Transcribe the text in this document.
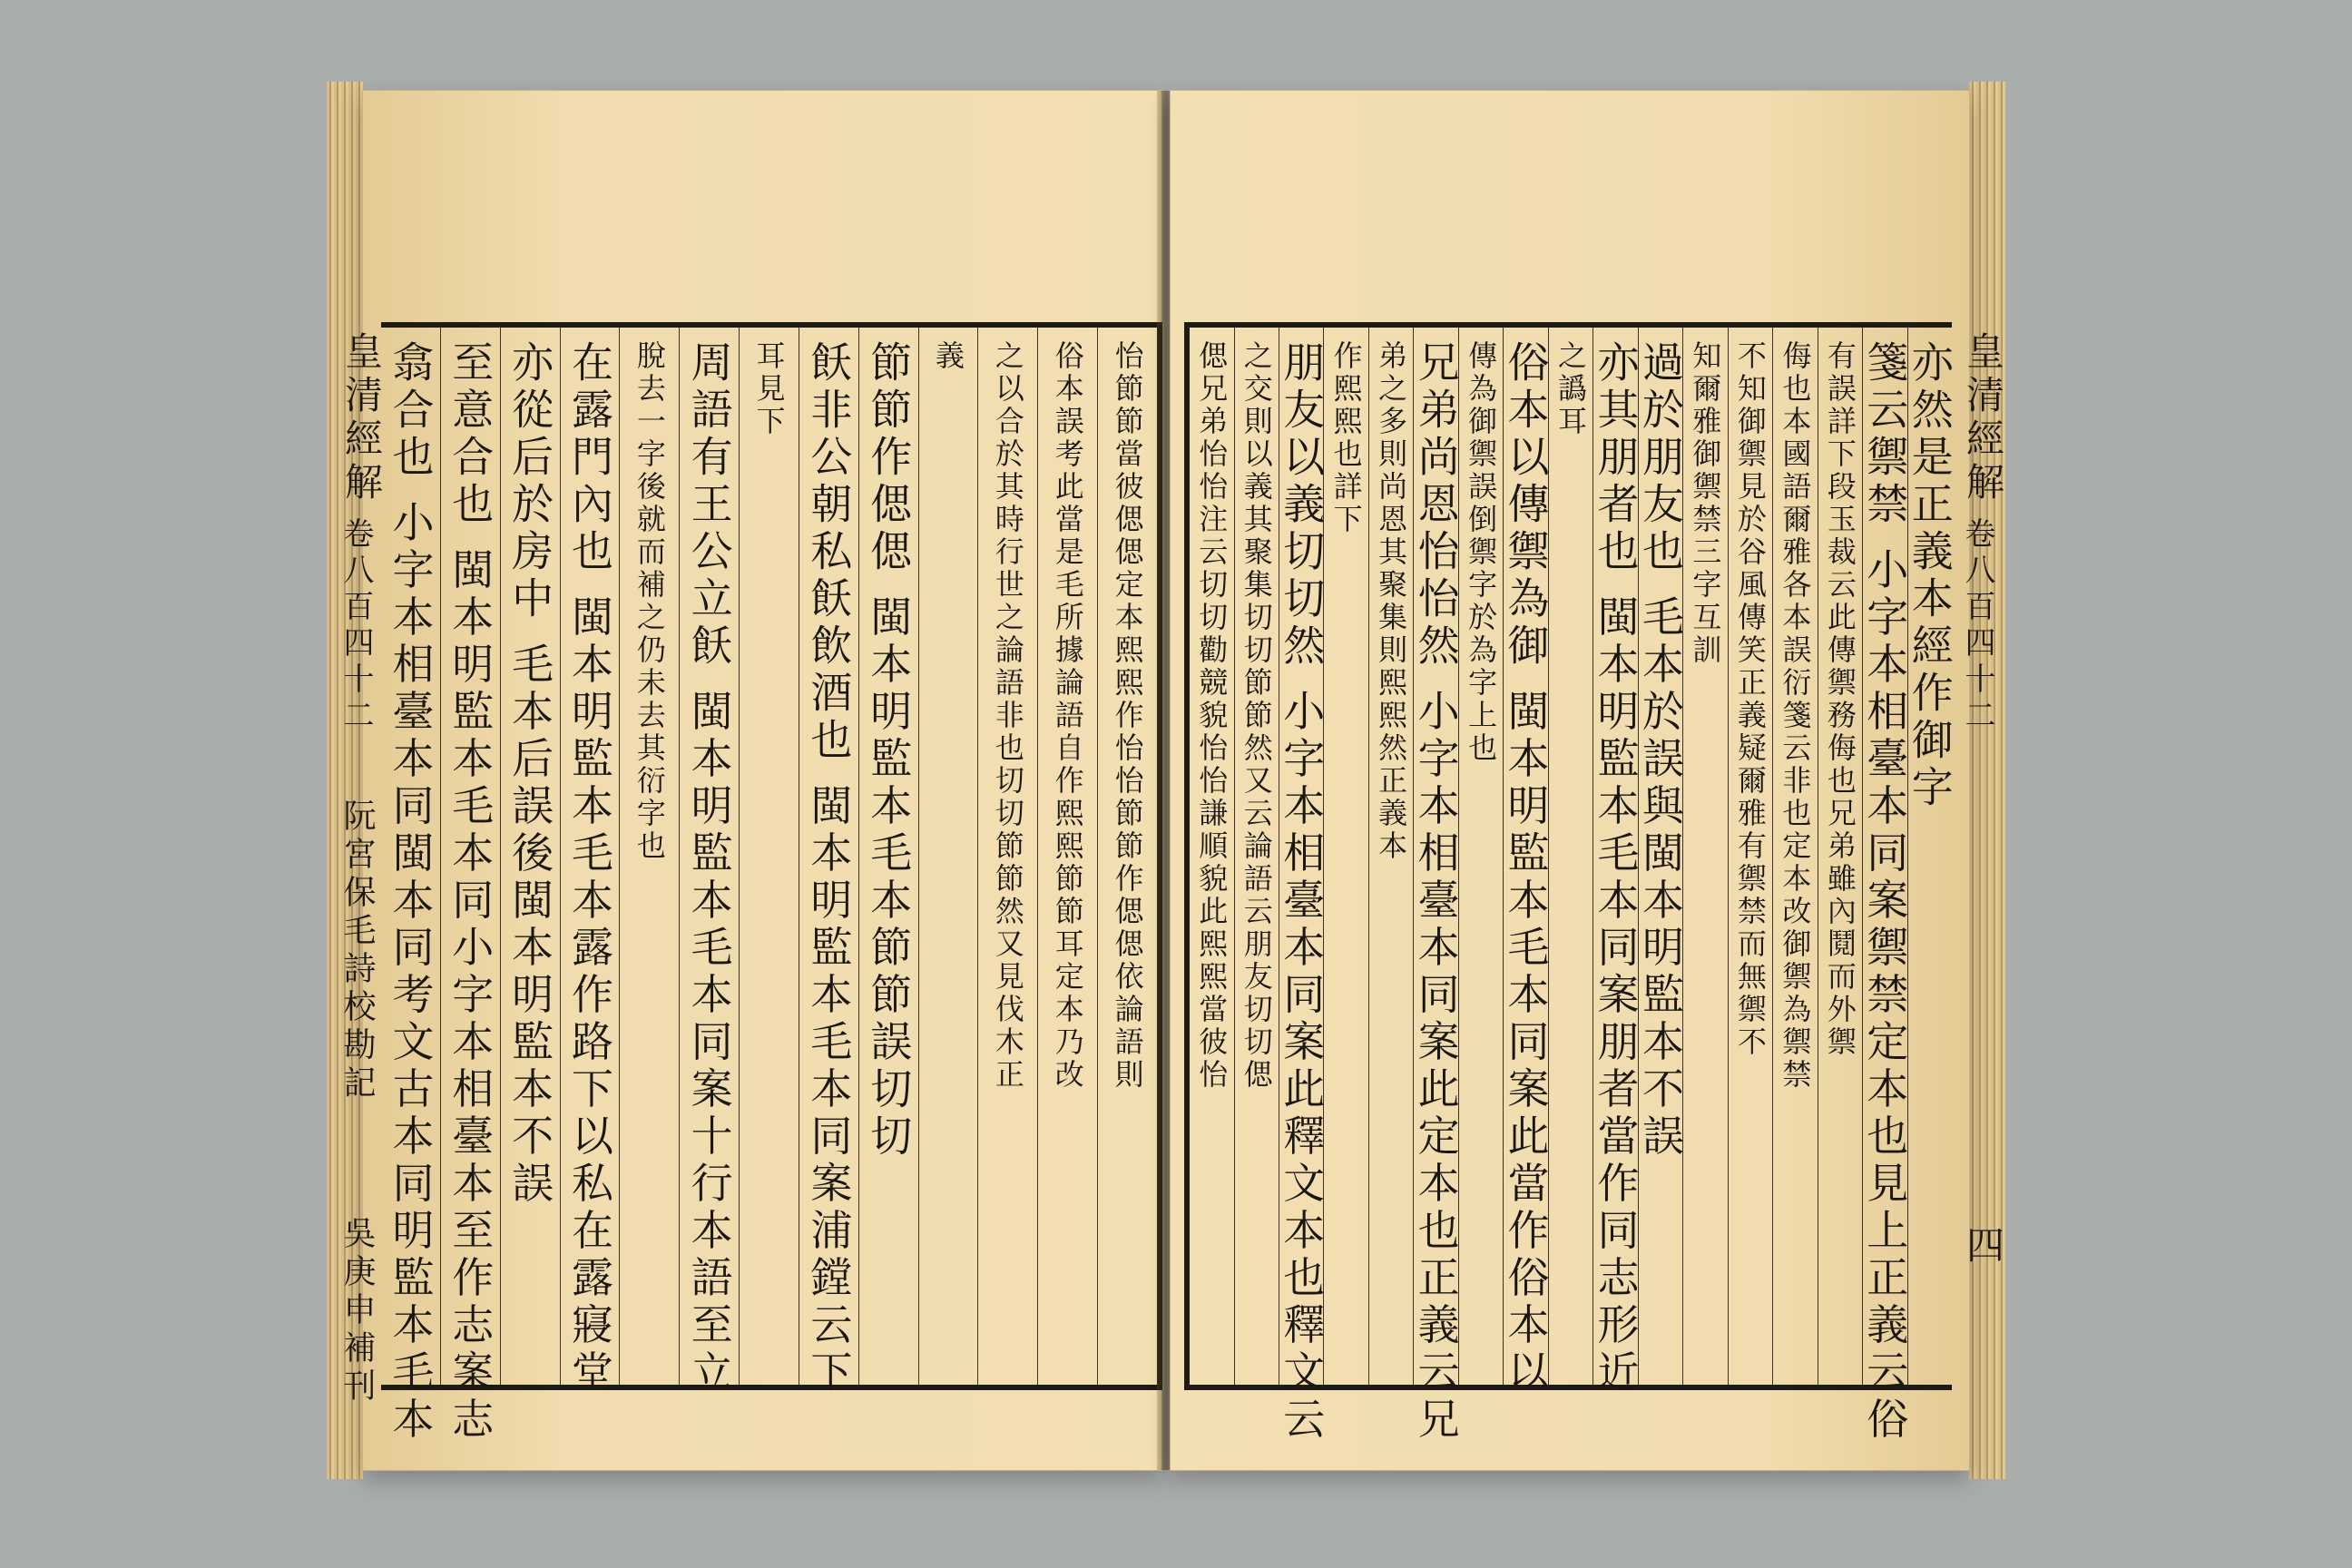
怡節節當彼偲偲定本熙熙作怡怡節節作偲偲依論語則
俗本誤考此當是毛所據論語自作熙熙節節耳定本乃改
之以合於其時行世之論語非也切切節節然又見伐木正
義
節節作偲偲 閩本明監本毛本節節誤切切
飫非公朝私飫飲酒也 閩本明監本毛本同案浦鏜云下
耳見下
周語有王公立飫 閩本明監本毛本同案十行本語至立
脫去一字後就而補之仍未去其衍字也
在露門內也 閩本明監本毛本露作路下以私在露寢堂
亦從后於房中 毛本后誤後閩本明監本不誤
至意合也 閩本明監本毛本同小字本相臺本至作志案志
翕合也 小字本相臺本同閩本同考文古本同明監本毛本
皇清經解
卷八百四十二
阮宮保毛詩校勘記
吳庚申補刊
亦然是正義本經作御字
箋云禦禁 小字本相臺本同案禦禁定本也見上正義云俗
有誤詳下段玉裁云此傳禦務侮也兄弟雖內鬩而外禦
侮也本國語爾雅各本誤衍箋云非也定本改御禦為禦禁
不知御禦見於谷風傳笑正義疑爾雅有禦禁而無禦不
知爾雅御禦禁三字互訓
過於朋友也 毛本於誤與閩本明監本不誤
亦其朋者也 閩本明監本毛本同案朋者當作同志形近
之譌耳
俗本以傳禦為御 閩本明監本毛本同案此當作俗本以
傳為御禦誤倒禦字於為字上也
兄弟尚恩怡怡然 小字本相臺本同案此定本也正義云兄
弟之多則尚恩其聚集則熙熙然正義本
作熙熙也詳下
朋友以義切切然 小字本相臺本同案此釋文本也釋文云
之交則以義其聚集切切節節然又云論語云朋友切切偲
偲兄弟怡怡注云切切勸競貌怡怡謙順貌此熙熙當彼怡	皇清經解
卷八百四十二
四
